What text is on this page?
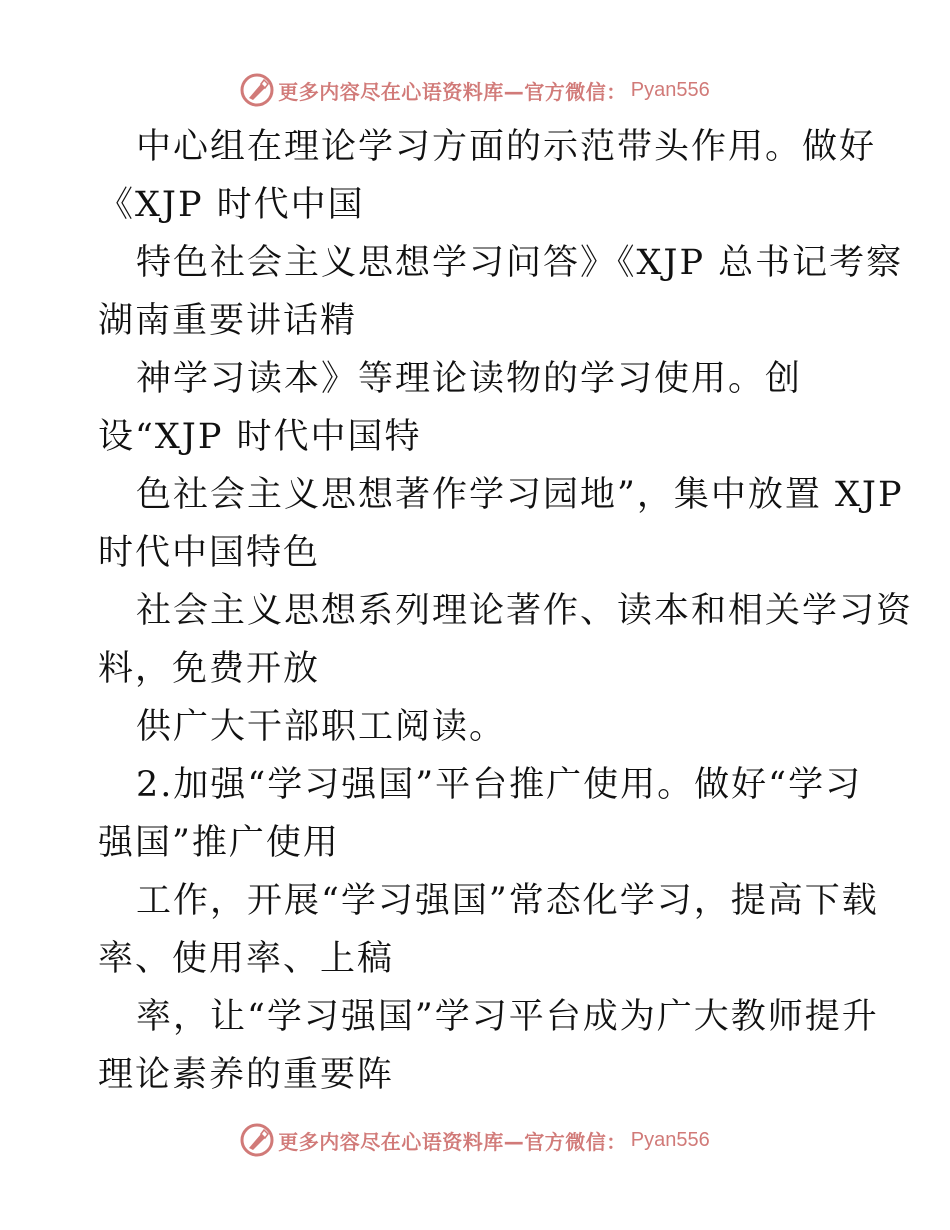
更多内容尽在心语资料库—官方微信： Pyan556
中心组在理论学习方面的示范带头作用。做好
《XJP 时代中国
特色社会主义思想学习问答》《XJP 总书记考察
湖南重要讲话精
神学习读本》等理论读物的学习使用。创
设“XJP 时代中国特
色社会主义思想著作学习园地”，集中放置 XJP
时代中国特色
社会主义思想系列理论著作、读本和相关学习资
料，免费开放
供广大干部职工阅读。
2.加强“学习强国”平台推广使用。做好“学习
强国”推广使用
工作，开展“学习强国”常态化学习，提高下载
率、使用率、上稿
率，让“学习强国”学习平台成为广大教师提升
理论素养的重要阵
更多内容尽在心语资料库—官方微信： Pyan556
